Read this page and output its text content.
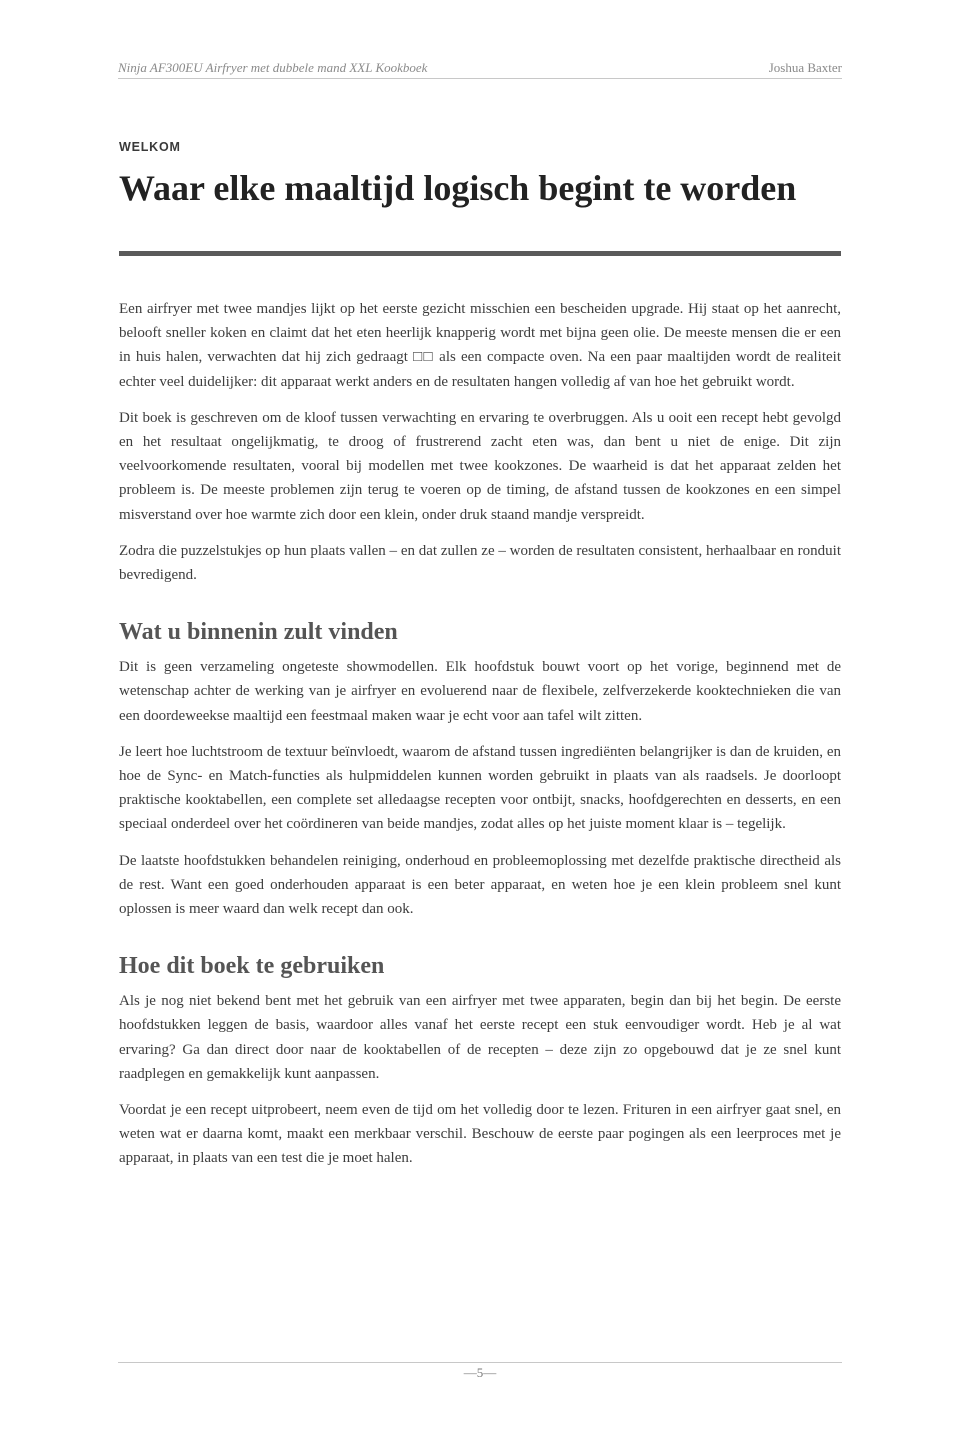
Ninja AF300EU Airfryer met dubbele mand XXL Kookboek	Joshua Baxter
WELKOM
Waar elke maaltijd logisch begint te worden

Een airfryer met twee mandjes lijkt op het eerste gezicht misschien een bescheiden upgrade. Hij staat op het aanrecht, belooft sneller koken en claimt dat het eten heerlijk knapperig wordt met bijna geen olie. De meeste mensen die er een in huis halen, verwachten dat hij zich gedraagt □□ als een compacte oven. Na een paar maaltijden wordt de realiteit echter veel duidelijker: dit apparaat werkt anders en de resultaten hangen volledig af van hoe het gebruikt wordt.

Dit boek is geschreven om de kloof tussen verwachting en ervaring te overbruggen. Als u ooit een recept hebt gevolgd en het resultaat ongelijkmatig, te droog of frustrerend zacht eten was, dan bent u niet de enige. Dit zijn veelvoorkomende resultaten, vooral bij modellen met twee kookzones. De waarheid is dat het apparaat zelden het probleem is. De meeste problemen zijn terug te voeren op de timing, de afstand tussen de kookzones en een simpel misverstand over hoe warmte zich door een klein, onder druk staand mandje verspreidt.

Zodra die puzzelstukjes op hun plaats vallen – en dat zullen ze – worden de resultaten consistent, herhaalbaar en ronduit bevredigend.

Wat u binnenin zult vinden

Dit is geen verzameling ongeteste showmodellen. Elk hoofdstuk bouwt voort op het vorige, beginnend met de wetenschap achter de werking van je airfryer en evoluerend naar de flexibele, zelfverzekerde kooktechnieken die van een doordeweekse maaltijd een feestmaal maken waar je echt voor aan tafel wilt zitten.

Je leert hoe luchtstroom de textuur beïnvloedt, waarom de afstand tussen ingrediënten belangrijker is dan de kruiden, en hoe de Sync- en Match-functies als hulpmiddelen kunnen worden gebruikt in plaats van als raadsels. Je doorloopt praktische kooktabellen, een complete set alledaagse recepten voor ontbijt, snacks, hoofdgerechten en desserts, en een speciaal onderdeel over het coördineren van beide mandjes, zodat alles op het juiste moment klaar is – tegelijk.

De laatste hoofdstukken behandelen reiniging, onderhoud en probleemoplossing met dezelfde praktische directheid als de rest. Want een goed onderhouden apparaat is een beter apparaat, en weten hoe je een klein probleem snel kunt oplossen is meer waard dan welk recept dan ook.

Hoe dit boek te gebruiken

Als je nog niet bekend bent met het gebruik van een airfryer met twee apparaten, begin dan bij het begin. De eerste hoofdstukken leggen de basis, waardoor alles vanaf het eerste recept een stuk eenvoudiger wordt. Heb je al wat ervaring? Ga dan direct door naar de kooktabellen of de recepten – deze zijn zo opgebouwd dat je ze snel kunt raadplegen en gemakkelijk kunt aanpassen.

Voordat je een recept uitprobeert, neem even de tijd om het volledig door te lezen. Frituren in een airfryer gaat snel, en weten wat er daarna komt, maakt een merkbaar verschil. Beschouw de eerste paar pogingen als een leerproces met je apparaat, in plaats van een test die je moet halen.

—5—
